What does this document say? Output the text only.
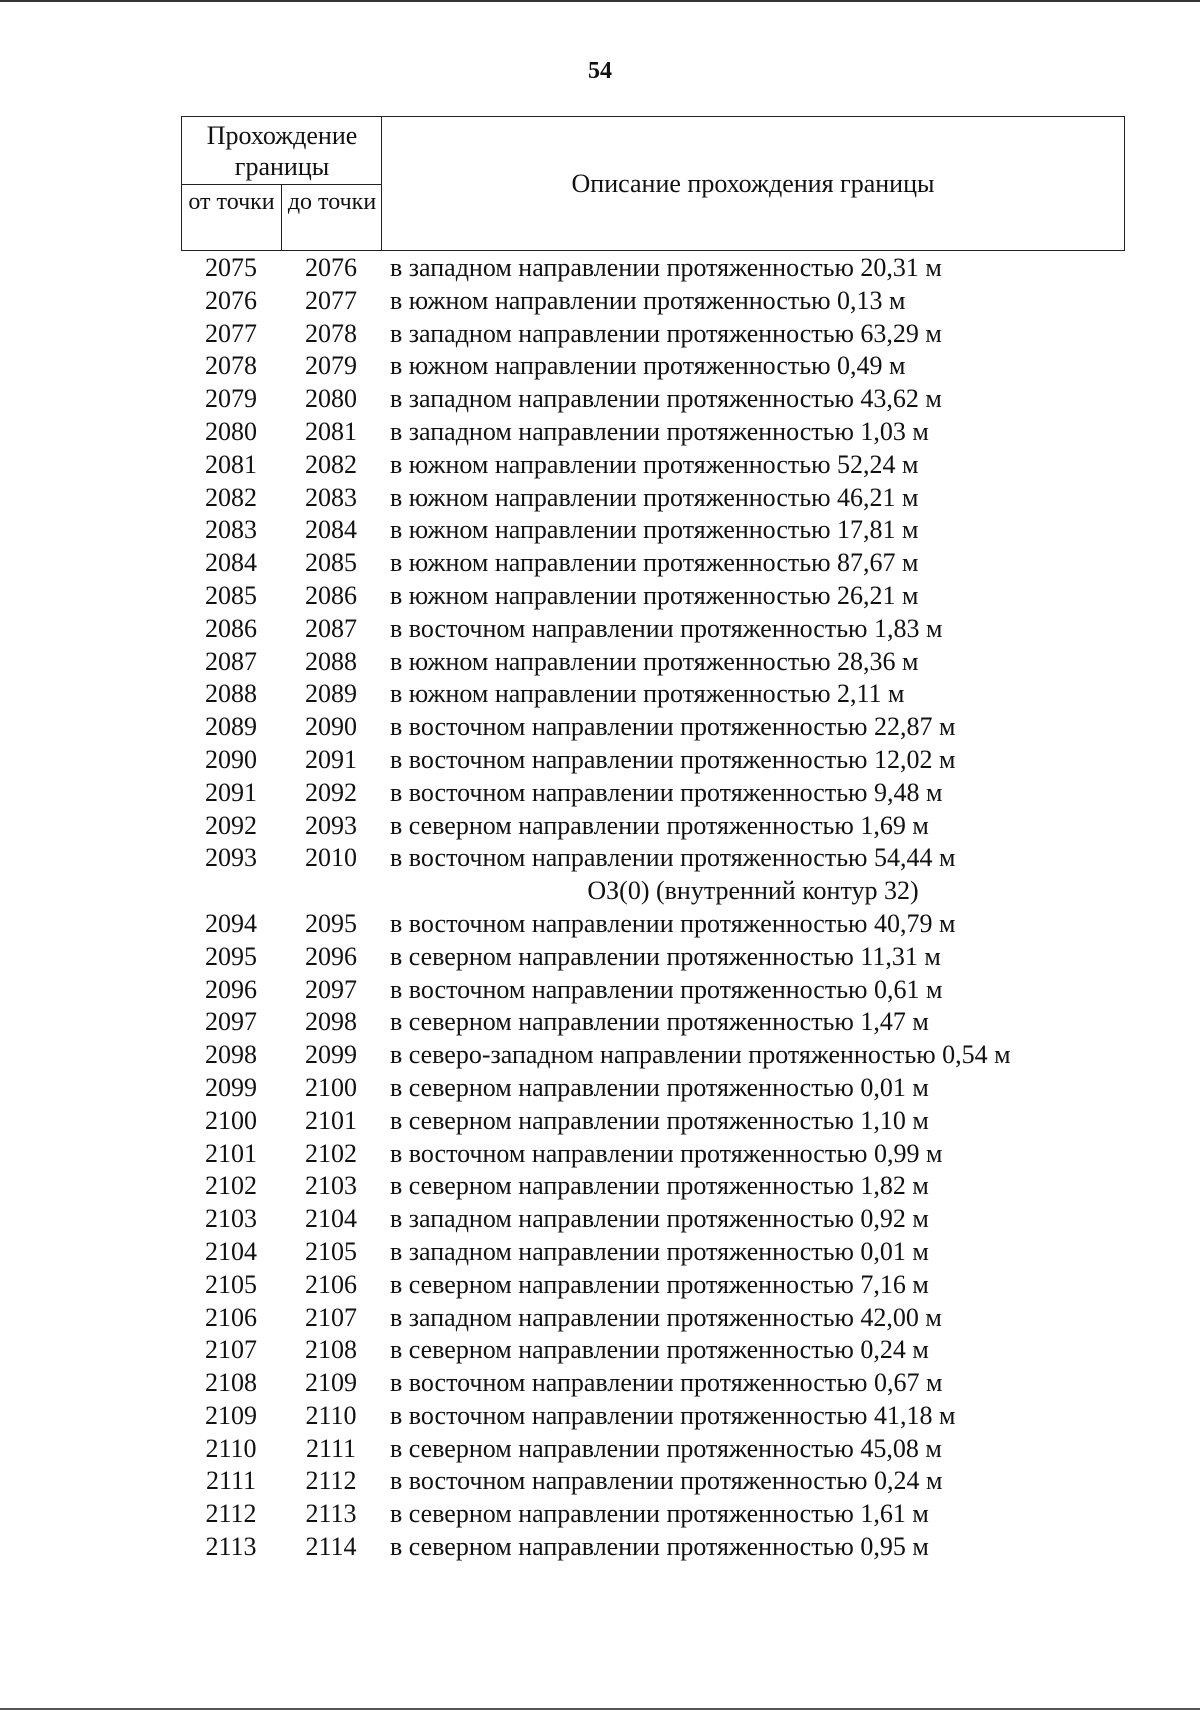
54
Прохождение границы
от точки до точки
Описание прохождения границы
2075	2076	в западном направлении протяженностью 20,31 м
2076	2077	в южном направлении протяженностью 0,13 м
2077	2078	в западном направлении протяженностью 63,29 м
2078	2079	в южном направлении протяженностью 0,49 м
2079	2080	в западном направлении протяженностью 43,62 м
2080	2081	в западном направлении протяженностью 1,03 м
2081	2082	в южном направлении протяженностью 52,24 м
2082	2083	в южном направлении протяженностью 46,21 м
2083	2084	в южном направлении протяженностью 17,81 м
2084	2085	в южном направлении протяженностью 87,67 м
2085	2086	в южном направлении протяженностью 26,21 м
2086	2087	в восточном направлении протяженностью 1,83 м
2087	2088	в южном направлении протяженностью 28,36 м
2088	2089	в южном направлении протяженностью 2,11 м
2089	2090	в восточном направлении протяженностью 22,87 м
2090	2091	в восточном направлении протяженностью 12,02 м
2091	2092	в восточном направлении протяженностью 9,48 м
2092	2093	в северном направлении протяженностью 1,69 м
2093	2010	в восточном направлении протяженностью 54,44 м
ОЗ(0) (внутренний контур 32)
2094	2095	в восточном направлении протяженностью 40,79 м
2095	2096	в северном направлении протяженностью 11,31 м
2096	2097	в восточном направлении протяженностью 0,61 м
2097	2098	в северном направлении протяженностью 1,47 м
2098	2099	в северо-западном направлении протяженностью 0,54 м
2099	2100	в северном направлении протяженностью 0,01 м
2100	2101	в северном направлении протяженностью 1,10 м
2101	2102	в восточном направлении протяженностью 0,99 м
2102	2103	в северном направлении протяженностью 1,82 м
2103	2104	в западном направлении протяженностью 0,92 м
2104	2105	в западном направлении протяженностью 0,01 м
2105	2106	в северном направлении протяженностью 7,16 м
2106	2107	в западном направлении протяженностью 42,00 м
2107	2108	в северном направлении протяженностью 0,24 м
2108	2109	в восточном направлении протяженностью 0,67 м
2109	2110	в восточном направлении протяженностью 41,18 м
2110	2111	в северном направлении протяженностью 45,08 м
2111	2112	в восточном направлении протяженностью 0,24 м
2112	2113	в северном направлении протяженностью 1,61 м
2113	2114	в северном направлении протяженностью 0,95 м
